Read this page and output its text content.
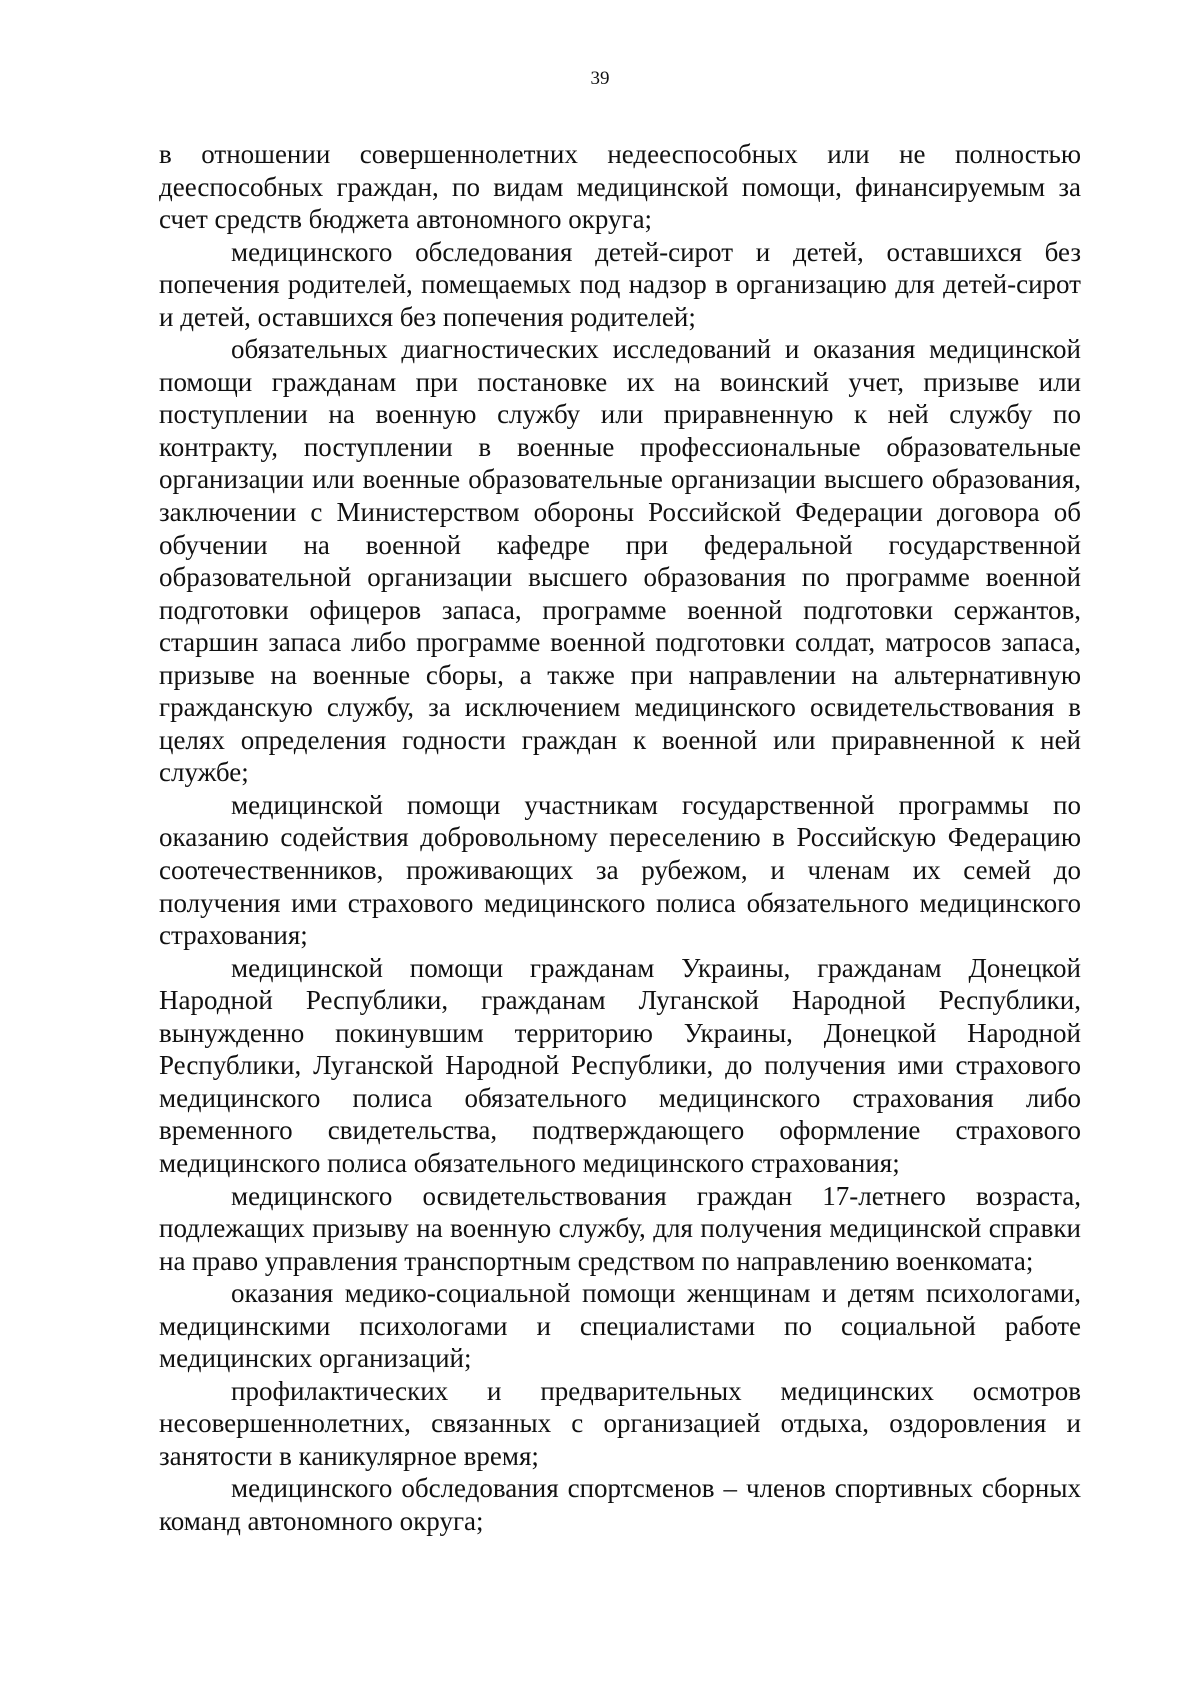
39

в отношении совершеннолетних недееспособных или не полностью дееспособных граждан, по видам медицинской помощи, финансируемым за счет средств бюджета автономного округа;

медицинского обследования детей-сирот и детей, оставшихся без попечения родителей, помещаемых под надзор в организацию для детей-сирот и детей, оставшихся без попечения родителей;

обязательных диагностических исследований и оказания медицинской помощи гражданам при постановке их на воинский учет, призыве или поступлении на военную службу или приравненную к ней службу по контракту, поступлении в военные профессиональные образовательные организации или военные образовательные организации высшего образования, заключении с Министерством обороны Российской Федерации договора об обучении на военной кафедре при федеральной государственной образовательной организации высшего образования по программе военной подготовки офицеров запаса, программе военной подготовки сержантов, старшин запаса либо программе военной подготовки солдат, матросов запаса, призыве на военные сборы, а также при направлении на альтернативную гражданскую службу, за исключением медицинского освидетельствования в целях определения годности граждан к военной или приравненной к ней службе;

медицинской помощи участникам государственной программы по оказанию содействия добровольному переселению в Российскую Федерацию соотечественников, проживающих за рубежом, и членам их семей до получения ими страхового медицинского полиса обязательного медицинского страхования;

медицинской помощи гражданам Украины, гражданам Донецкой Народной Республики, гражданам Луганской Народной Республики, вынужденно покинувшим территорию Украины, Донецкой Народной Республики, Луганской Народной Республики, до получения ими страхового медицинского полиса обязательного медицинского страхования либо временного свидетельства, подтверждающего оформление страхового медицинского полиса обязательного медицинского страхования;

медицинского освидетельствования граждан 17-летнего возраста, подлежащих призыву на военную службу, для получения медицинской справки на право управления транспортным средством по направлению военкомата;

оказания медико-социальной помощи женщинам и детям психологами, медицинскими психологами и специалистами по социальной работе медицинских организаций;

профилактических и предварительных медицинских осмотров несовершеннолетних, связанных с организацией отдыха, оздоровления и занятости в каникулярное время;

медицинского обследования спортсменов – членов спортивных сборных команд автономного округа;
